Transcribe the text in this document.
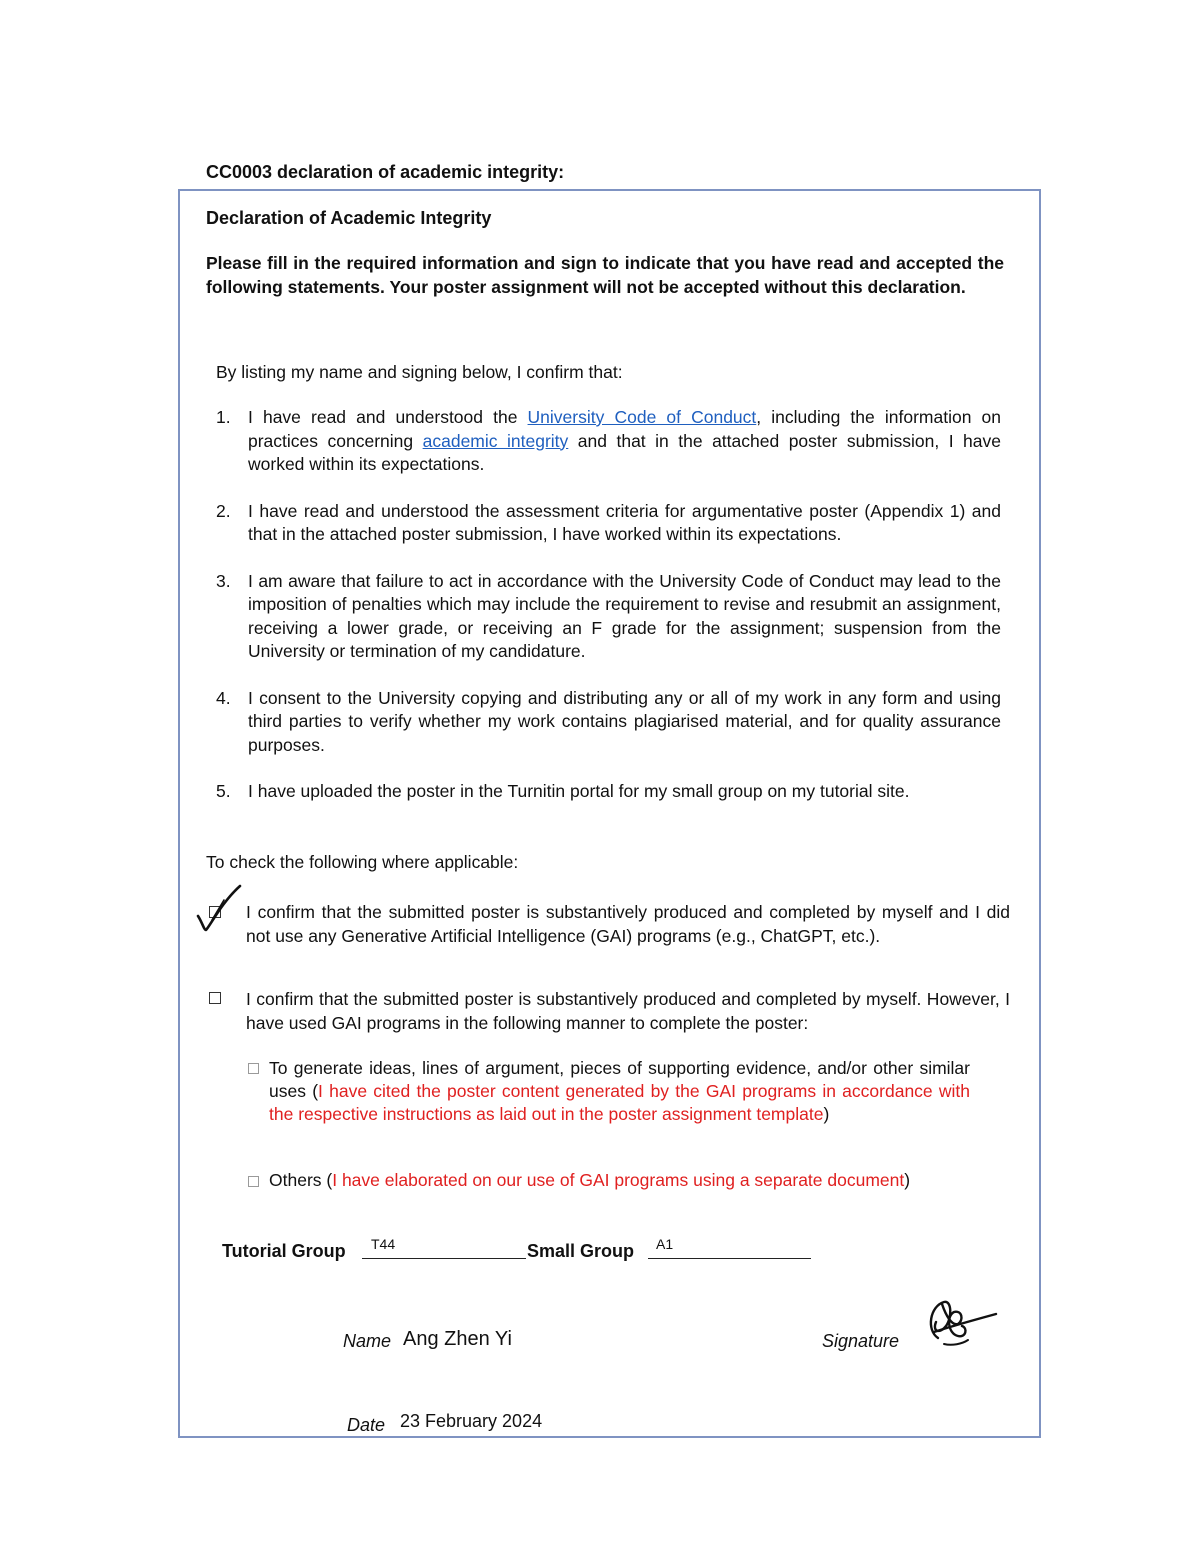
CC0003 declaration of academic integrity:
Declaration of Academic Integrity

Please fill in the required information and sign to indicate that you have read and accepted the following statements. Your poster assignment will not be accepted without this declaration.

By listing my name and signing below, I confirm that:

1. I have read and understood the University Code of Conduct, including the information on practices concerning academic integrity and that in the attached poster submission, I have worked within its expectations.
2. I have read and understood the assessment criteria for argumentative poster (Appendix 1) and that in the attached poster submission, I have worked within its expectations.
3. I am aware that failure to act in accordance with the University Code of Conduct may lead to the imposition of penalties which may include the requirement to revise and resubmit an assignment, receiving a lower grade, or receiving an F grade for the assignment; suspension from the University or termination of my candidature.
4. I consent to the University copying and distributing any or all of my work in any form and using third parties to verify whether my work contains plagiarised material, and for quality assurance purposes.
5. I have uploaded the poster in the Turnitin portal for my small group on my tutorial site.

To check the following where applicable:

I confirm that the submitted poster is substantively produced and completed by myself and I did not use any Generative Artificial Intelligence (GAI) programs (e.g., ChatGPT, etc.).
I confirm that the submitted poster is substantively produced and completed by myself. However, I have used GAI programs in the following manner to complete the poster:
To generate ideas, lines of argument, pieces of supporting evidence, and/or other similar uses (I have cited the poster content generated by the GAI programs in accordance with the respective instructions as laid out in the poster assignment template)
Others (I have elaborated on our use of GAI programs using a separate document)
Tutorial Group T44	Small Group A1
Name Ang Zhen Yi	Signature
Date 23 February 2024
